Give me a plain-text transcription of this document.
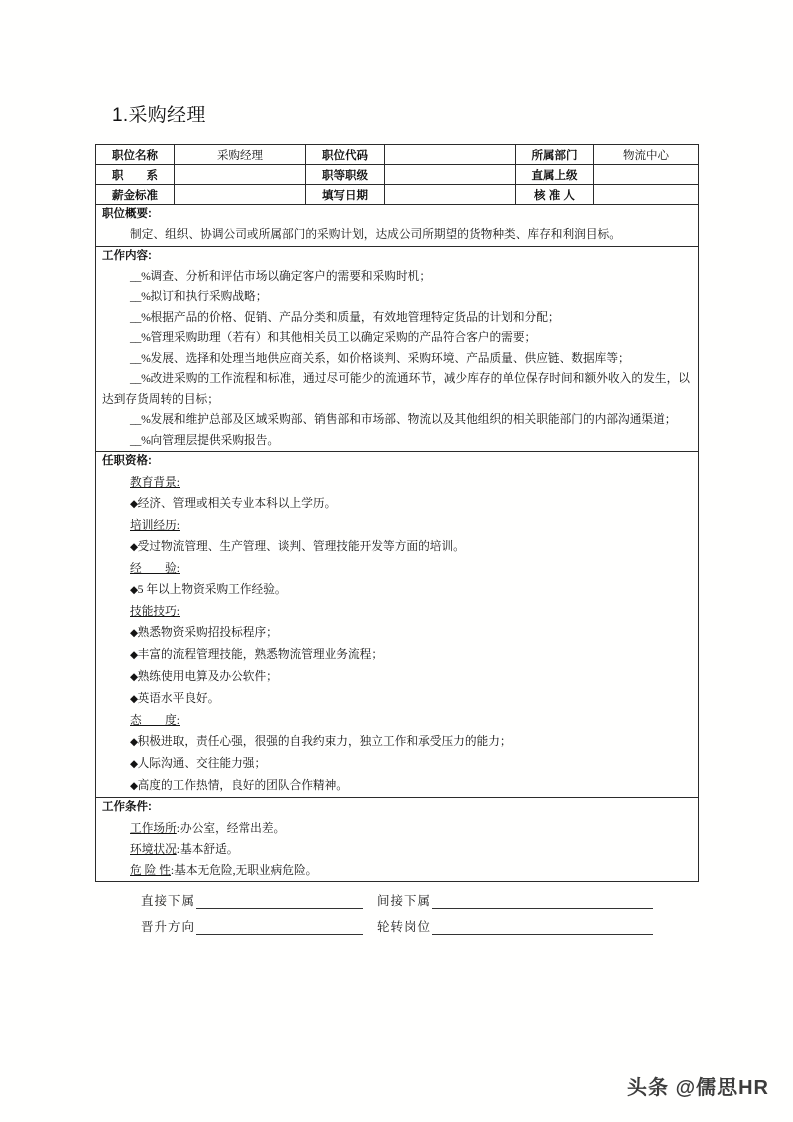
1.采购经理
职位名称	采购经理	职位代码		所属部门	物流中心
职　　系		职等职级		直属上级	
薪金标准		填写日期		核 准 人	

职位概要:
制定、组织、协调公司或所属部门的采购计划，达成公司所期望的货物种类、库存和利润目标。					

工作内容:
__%调查、分析和评估市场以确定客户的需要和采购时机；
__%拟订和执行采购战略；
__%根据产品的价格、促销、产品分类和质量，有效地管理特定货品的计划和分配；
__%管理采购助理（若有）和其他相关员工以确定采购的产品符合客户的需要；
__%发展、选择和处理当地供应商关系，如价格谈判、采购环境、产品质量、供应链、数据库等；
__%改进采购的工作流程和标准，通过尽可能少的流通环节，减少库存的单位保存时间和额外收入的发生，以达到存货周转的目标；
__%发展和维护总部及区域采购部、销售部和市场部、物流以及其他组织的相关职能部门的内部沟通渠道；
__%向管理层提供采购报告。

任职资格:
教育背景:
◆经济、管理或相关专业本科以上学历。
培训经历:
◆受过物流管理、生产管理、谈判、管理技能开发等方面的培训。
经　　验:
◆5 年以上物资采购工作经验。
技能技巧:
◆熟悉物资采购招投标程序；
◆丰富的流程管理技能，熟悉物流管理业务流程；
◆熟练使用电算及办公软件；
◆英语水平良好。
态　　度:
◆积极进取，责任心强，很强的自我约束力，独立工作和承受压力的能力；
◆人际沟通、交往能力强；
◆高度的工作热情，良好的团队合作精神。

工作条件:
工作场所:办公室，经常出差。
环境状况:基本舒适。
危 险 性:基本无危险,无职业病危险。					
直接下属	间接下属
晋升方向	轮转岗位
头条 @儒思HR
